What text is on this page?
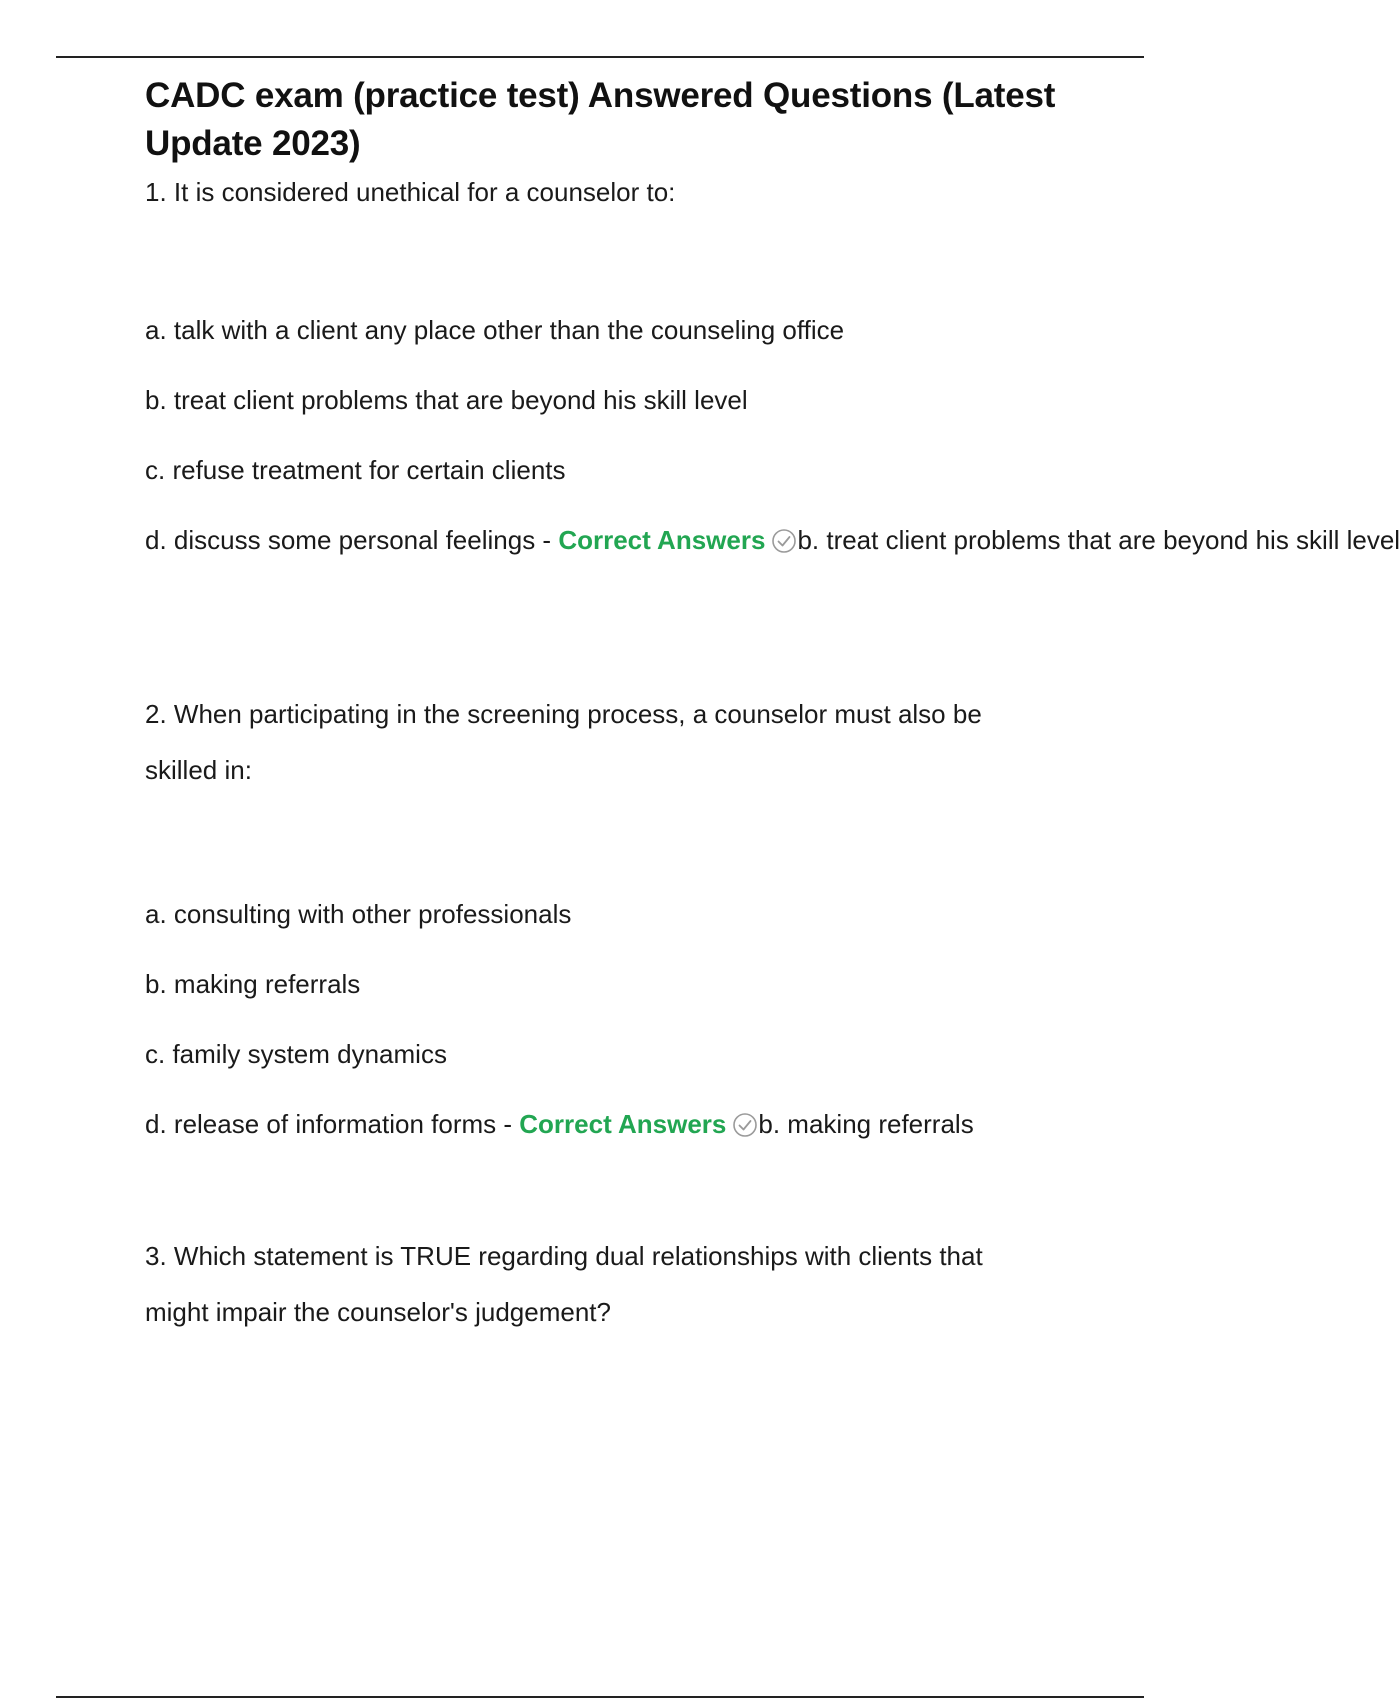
CADC exam (practice test) Answered Questions (Latest Update 2023)

1. It is considered unethical for a counselor to:

a. talk with a client any place other than the counseling office

b. treat client problems that are beyond his skill level

c. refuse treatment for certain clients

d. discuss some personal feelings - Correct Answers b. treat client problems that are beyond his skill level

2. When participating in the screening process, a counselor must also be skilled in:

a. consulting with other professionals

b. making referrals

c. family system dynamics

d. release of information forms - Correct Answers b. making referrals

3. Which statement is TRUE regarding dual relationships with clients that might impair the counselor's judgement?
